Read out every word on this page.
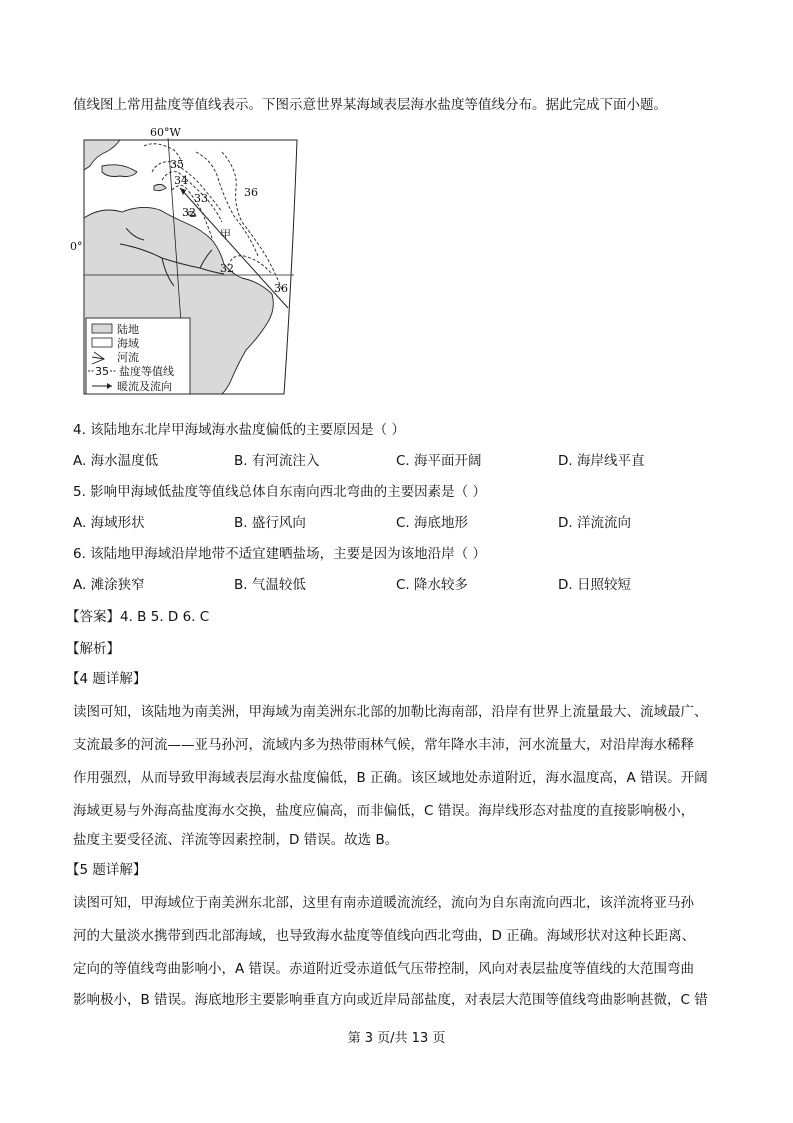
值线图上常用盐度等值线表示。下图示意世界某海域表层海水盐度等值线分布。据此完成下面小题。
60°W
0°
35
34
33
32
36
32
36
甲
陆地
海域
河流
35 盐度等值线
暖流及流向
4. 该陆地东北岸甲海域海水盐度偏低的主要原因是（ ）
A. 海水温度低	B. 有河流注入	C. 海平面开阔	D. 海岸线平直
5. 影响甲海域低盐度等值线总体自东南向西北弯曲的主要因素是（ ）
A. 海域形状	B. 盛行风向	C. 海底地形	D. 洋流流向
6. 该陆地甲海域沿岸地带不适宜建晒盐场，主要是因为该地沿岸（ ）
A. 滩涂狭窄	B. 气温较低	C. 降水较多	D. 日照较短
【答案】4. B 5. D 6. C
【解析】
【4 题详解】
读图可知，该陆地为南美洲，甲海域为南美洲东北部的加勒比海南部，沿岸有世界上流量最大、流域最广、
支流最多的河流——亚马孙河，流域内多为热带雨林气候，常年降水丰沛，河水流量大，对沿岸海水稀释
作用强烈，从而导致甲海域表层海水盐度偏低，B 正确。该区域地处赤道附近，海水温度高，A 错误。开阔
海域更易与外海高盐度海水交换，盐度应偏高，而非偏低，C 错误。海岸线形态对盐度的直接影响极小，
盐度主要受径流、洋流等因素控制，D 错误。故选 B。
【5 题详解】
读图可知，甲海域位于南美洲东北部，这里有南赤道暖流流经，流向为自东南流向西北，该洋流将亚马孙
河的大量淡水携带到西北部海域，也导致海水盐度等值线向西北弯曲，D 正确。海域形状对这种长距离、
定向的等值线弯曲影响小，A 错误。赤道附近受赤道低气压带控制，风向对表层盐度等值线的大范围弯曲
影响极小，B 错误。海底地形主要影响垂直方向或近岸局部盐度，对表层大范围等值线弯曲影响甚微，C 错
第 3 页/共 13 页
